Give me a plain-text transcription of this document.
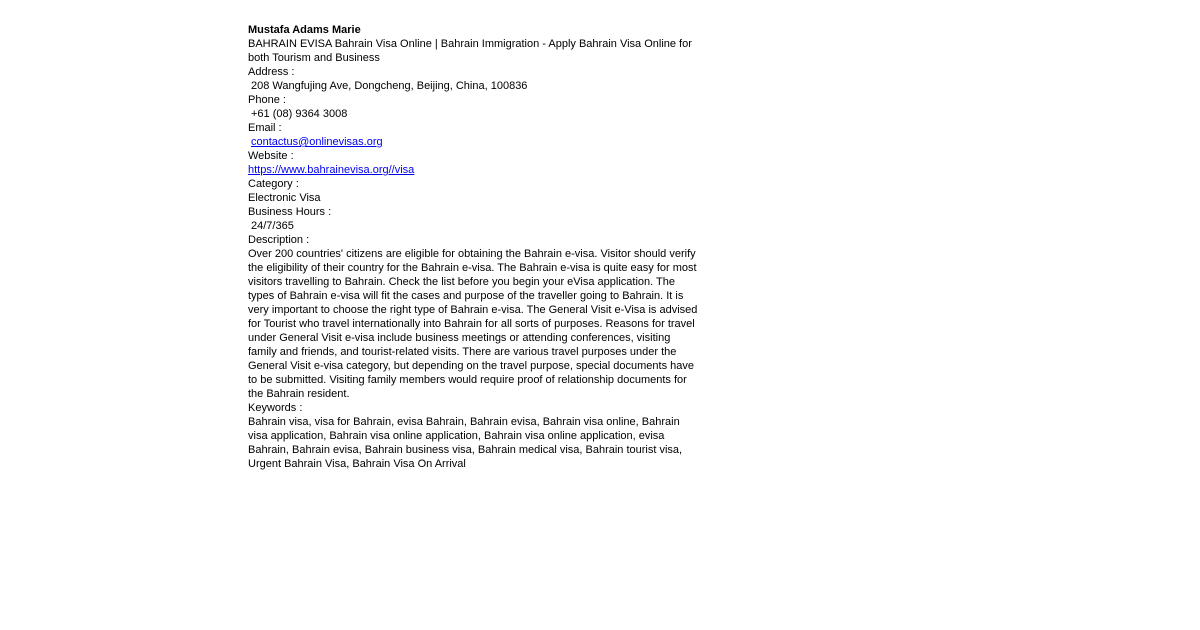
Mustafa Adams Marie
BAHRAIN EVISA Bahrain Visa Online | Bahrain Immigration - Apply Bahrain Visa Online for both Tourism and Business
Address :
208 Wangfujing Ave, Dongcheng, Beijing, China, 100836
Phone :
+61 (08) 9364 3008
Email :
contactus@onlinevisas.org
Website :
https://www.bahrainevisa.org//visa
Category :
Electronic Visa
Business Hours :
24/7/365
Description :
Over 200 countries' citizens are eligible for obtaining the Bahrain e-visa. Visitor should verify the eligibility of their country for the Bahrain e-visa. The Bahrain e-visa is quite easy for most visitors travelling to Bahrain. Check the list before you begin your eVisa application. The types of Bahrain e-visa will fit the cases and purpose of the traveller going to Bahrain. It is very important to choose the right type of Bahrain e-visa. The General Visit e-Visa is advised for Tourist who travel internationally into Bahrain for all sorts of purposes. Reasons for travel under General Visit e-visa include business meetings or attending conferences, visiting family and friends, and tourist-related visits. There are various travel purposes under the General Visit e-visa category, but depending on the travel purpose, special documents have to be submitted. Visiting family members would require proof of relationship documents for the Bahrain resident.
Keywords :
Bahrain visa, visa for Bahrain, evisa Bahrain, Bahrain evisa, Bahrain visa online, Bahrain visa application, Bahrain visa online application, Bahrain visa online application, evisa Bahrain, Bahrain evisa, Bahrain business visa, Bahrain medical visa, Bahrain tourist visa, Urgent Bahrain Visa, Bahrain Visa On Arrival
